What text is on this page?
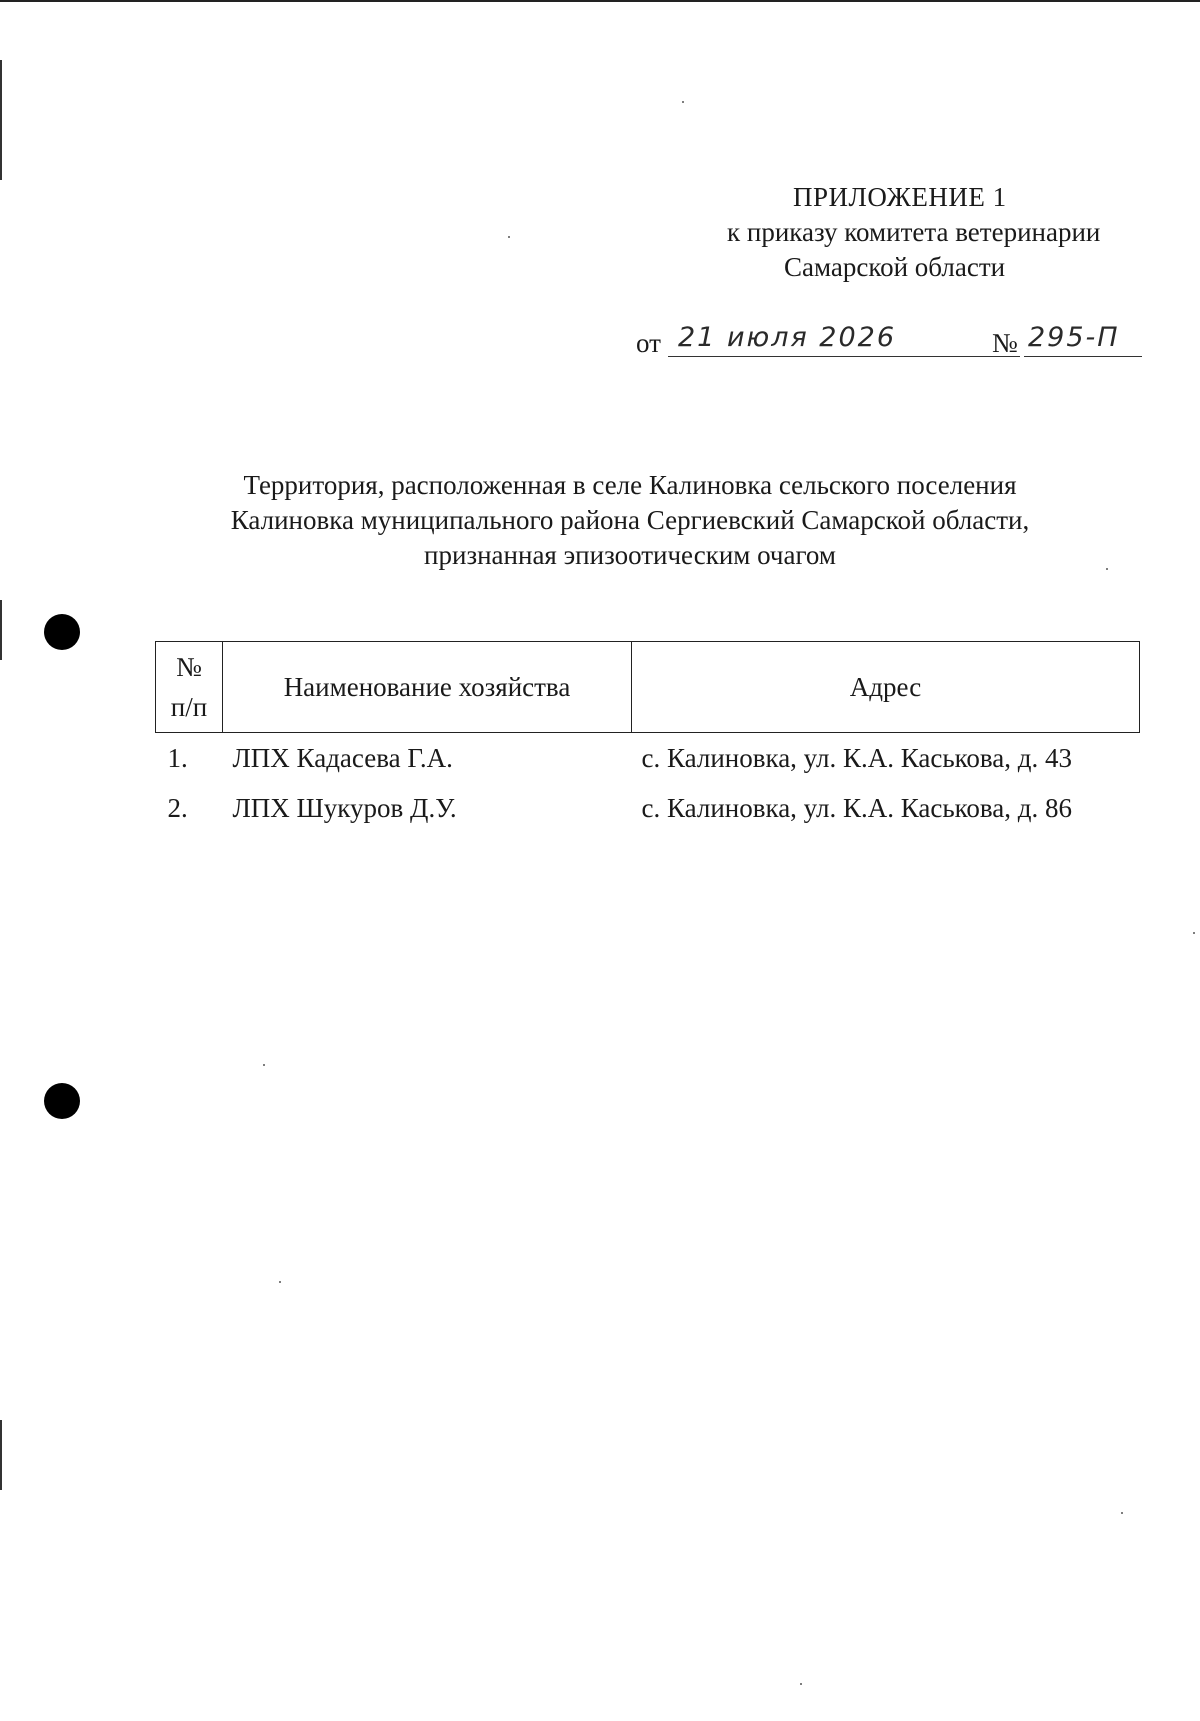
ПРИЛОЖЕНИЕ 1
к приказу комитета ветеринарии
Самарской области
от 21 июля 2026	№ 295-П
Территория, расположенная в селе Калиновка сельского поселения
Калиновка муниципального района Сергиевский Самарской области,
признанная эпизоотическим очагом
№
п/п	Наименование хозяйства	Адрес
1.	ЛПХ Кадасева Г.А.	с. Калиновка, ул. К.А. Каськова, д. 43
2.	ЛПХ Шукуров Д.У.	с. Калиновка, ул. К.А. Каськова, д. 86
